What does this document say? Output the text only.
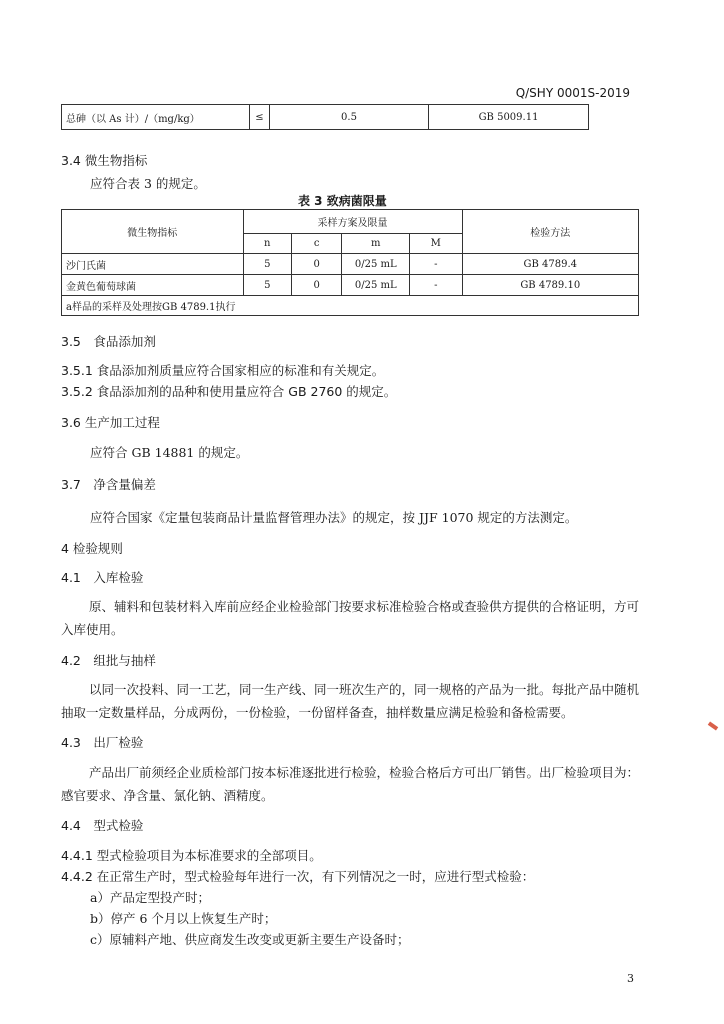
Q/SHY 0001S-2019
总砷（以 As 计）/（mg/kg）	≤	0.5	GB 5009.11
3.4 微生物指标
应符合表 3 的规定。
表 3 致病菌限量
微生物指标	采样方案及限量				检验方法
	n	c	m	M	
沙门氏菌	5	0	0/25 mL	-	GB 4789.4
金黄色葡萄球菌	5	0	0/25 mL	-	GB 4789.10
a样品的采样及处理按GB 4789.1执行					
3.5　食品添加剂
3.5.1 食品添加剂质量应符合国家相应的标准和有关规定。
3.5.2 食品添加剂的品种和使用量应符合 GB 2760 的规定。
3.6 生产加工过程
应符合 GB 14881 的规定。
3.7　净含量偏差
应符合国家《定量包装商品计量监督管理办法》的规定，按 JJF 1070 规定的方法测定。
4 检验规则
4.1　入库检验
原、辅料和包装材料入库前应经企业检验部门按要求标准检验合格或查验供方提供的合格证明，方可入库使用。
4.2　组批与抽样
以同一次投料、同一工艺，同一生产线、同一班次生产的，同一规格的产品为一批。每批产品中随机抽取一定数量样品，分成两份，一份检验，一份留样备查，抽样数量应满足检验和备检需要。
4.3　出厂检验
产品出厂前须经企业质检部门按本标准逐批进行检验，检验合格后方可出厂销售。出厂检验项目为：感官要求、净含量、氯化钠、酒精度。
4.4　型式检验
4.4.1 型式检验项目为本标准要求的全部项目。
4.4.2 在正常生产时，型式检验每年进行一次，有下列情况之一时，应进行型式检验：
a）产品定型投产时；
b）停产 6 个月以上恢复生产时；
c）原辅料产地、供应商发生改变或更新主要生产设备时；
3
